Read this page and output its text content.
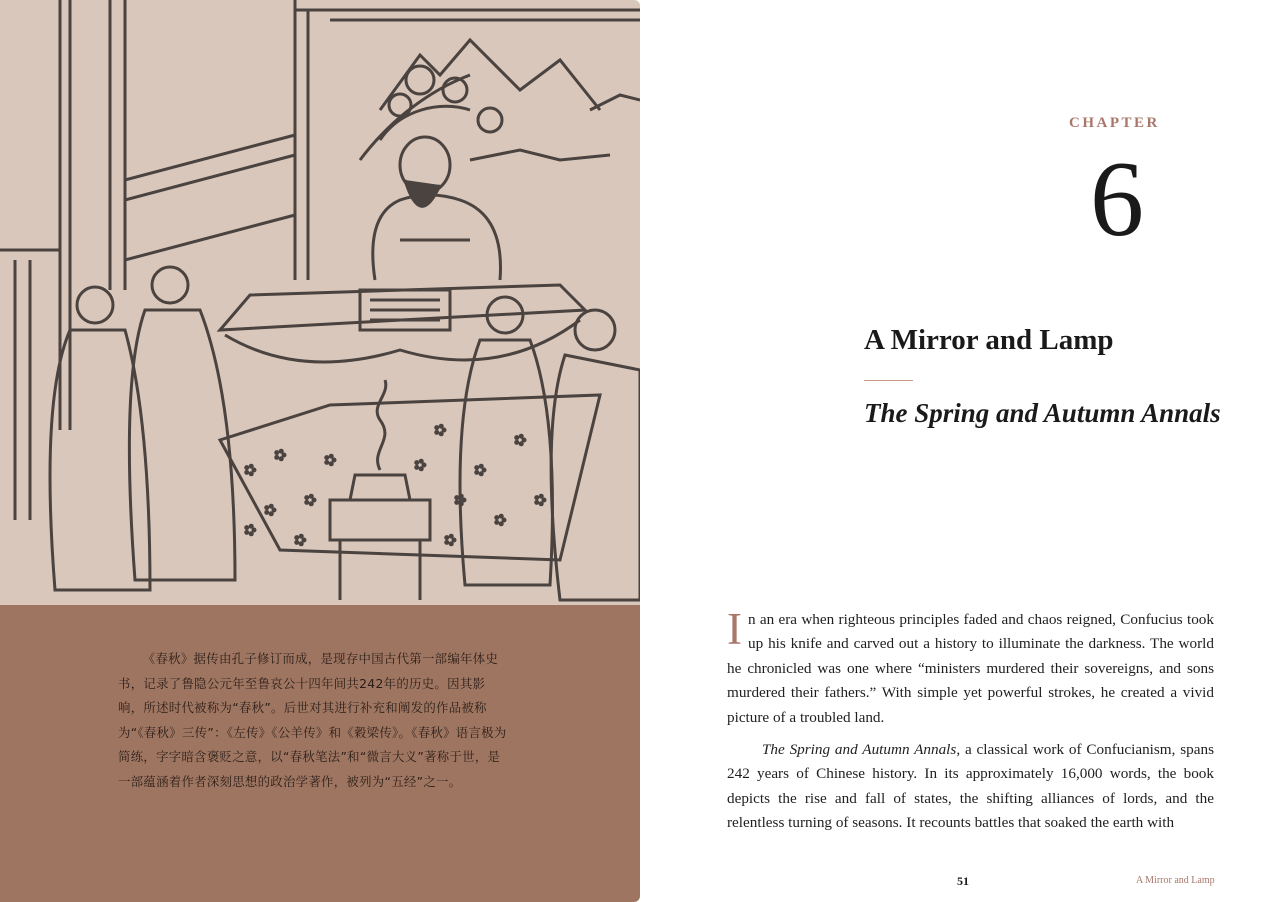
《春秋》据传由孔子修订而成，是现存中国古代第一部编年体史书，记录了鲁隐公元年至鲁哀公十四年间共242年的历史。因其影响，所述时代被称为“春秋”。后世对其进行补充和阐发的作品被称为“《春秋》三传”：《左传》《公羊传》和《穀梁传》。《春秋》语言极为简练，字字暗含褒贬之意，以“春秋笔法”和“微言大义”著称于世，是一部蕴涵着作者深刻思想的政治学著作，被列为“五经”之一。

CHAPTER
6
A Mirror and Lamp
The Spring and Autumn Annals

In an era when righteous principles faded and chaos reigned, Confucius took up his knife and carved out a history to illuminate the darkness. The world he chronicled was one where “ministers murdered their sovereigns, and sons murdered their fathers.” With simple yet powerful strokes, he created a vivid picture of a troubled land.

The Spring and Autumn Annals, a classical work of Confucianism, spans 242 years of Chinese history. In its approximately 16,000 words, the book depicts the rise and fall of states, the shifting alliances of lords, and the relentless turning of seasons. It recounts battles that soaked the earth with

51	A Mirror and Lamp
